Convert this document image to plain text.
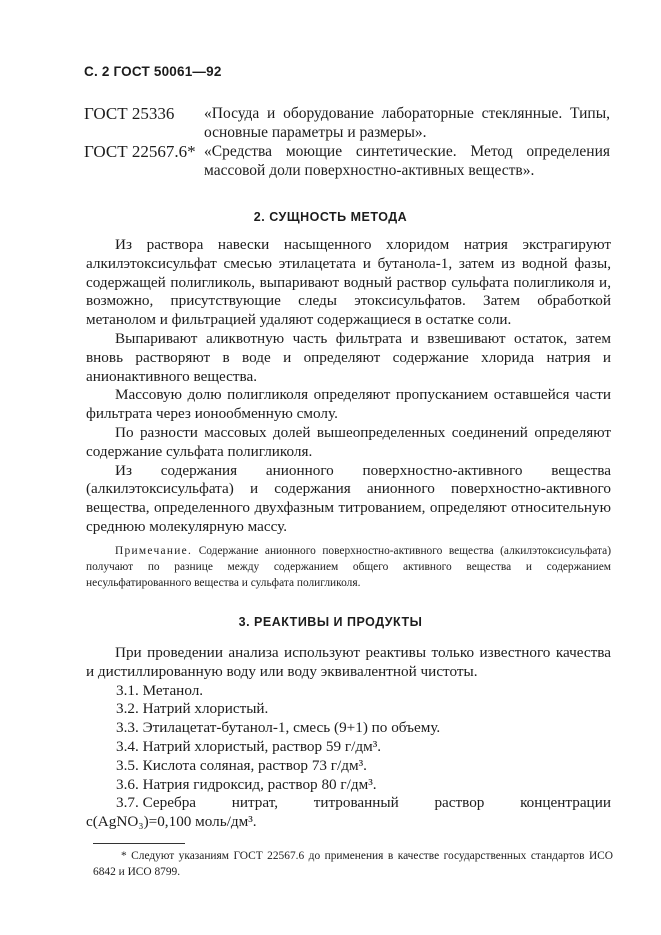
С. 2 ГОСТ 50061—92
ГОСТ 25336	«Посуда и оборудование лабораторные стеклянные. Типы, основные параметры и размеры».
ГОСТ 22567.6* «Средства моющие синтетические. Метод определения массовой доли поверхностно-активных веществ».
2. СУЩНОСТЬ МЕТОДА

Из раствора навески насыщенного хлоридом натрия экстрагируют алкилэтоксисульфат смесью этилацетата и бутанола-1, затем из водной фазы, содержащей полигликоль, выпаривают водный раствор сульфата полигликоля и, возможно, присутствующие следы этоксисульфатов. Затем обработкой метанолом и фильтрацией удаляют содержащиеся в остатке соли.

Выпаривают аликвотную часть фильтрата и взвешивают остаток, затем вновь растворяют в воде и определяют содержание хлорида натрия и анионактивного вещества.

Массовую долю полигликоля определяют пропусканием оставшейся части фильтрата через ионообменную смолу.

По разности массовых долей вышеопределенных соединений определяют содержание сульфата полигликоля.

Из содержания анионного поверхностно-активного вещества (алкилэтоксисульфата) и содержания анионного поверхностно-активного вещества, определенного двухфазным титрованием, определяют относительную среднюю молекулярную массу.

Примечание. Содержание анионного поверхностно-активного вещества (алкилэтоксисульфата) получают по разнице между содержанием общего активного вещества и содержанием несульфатированного вещества и сульфата полигликоля.
3. РЕАКТИВЫ И ПРОДУКТЫ

При проведении анализа используют реактивы только известного качества и дистиллированную воду или воду эквивалентной чистоты.

3.1. Метанол.
3.2. Натрий хлористый.
3.3. Этилацетат-бутанол-1, смесь (9+1) по объему.
3.4. Натрий хлористый, раствор 59 г/дм³.
3.5. Кислота соляная, раствор 73 г/дм³.
3.6. Натрия гидроксид, раствор 80 г/дм³.
3.7. Серебра нитрат, титрованный раствор концентрации
c(AgNO₃)=0,100 моль/дм³.
* Следуют указаниям ГОСТ 22567.6 до применения в качестве государственных стандартов ИСО 6842 и ИСО 8799.
